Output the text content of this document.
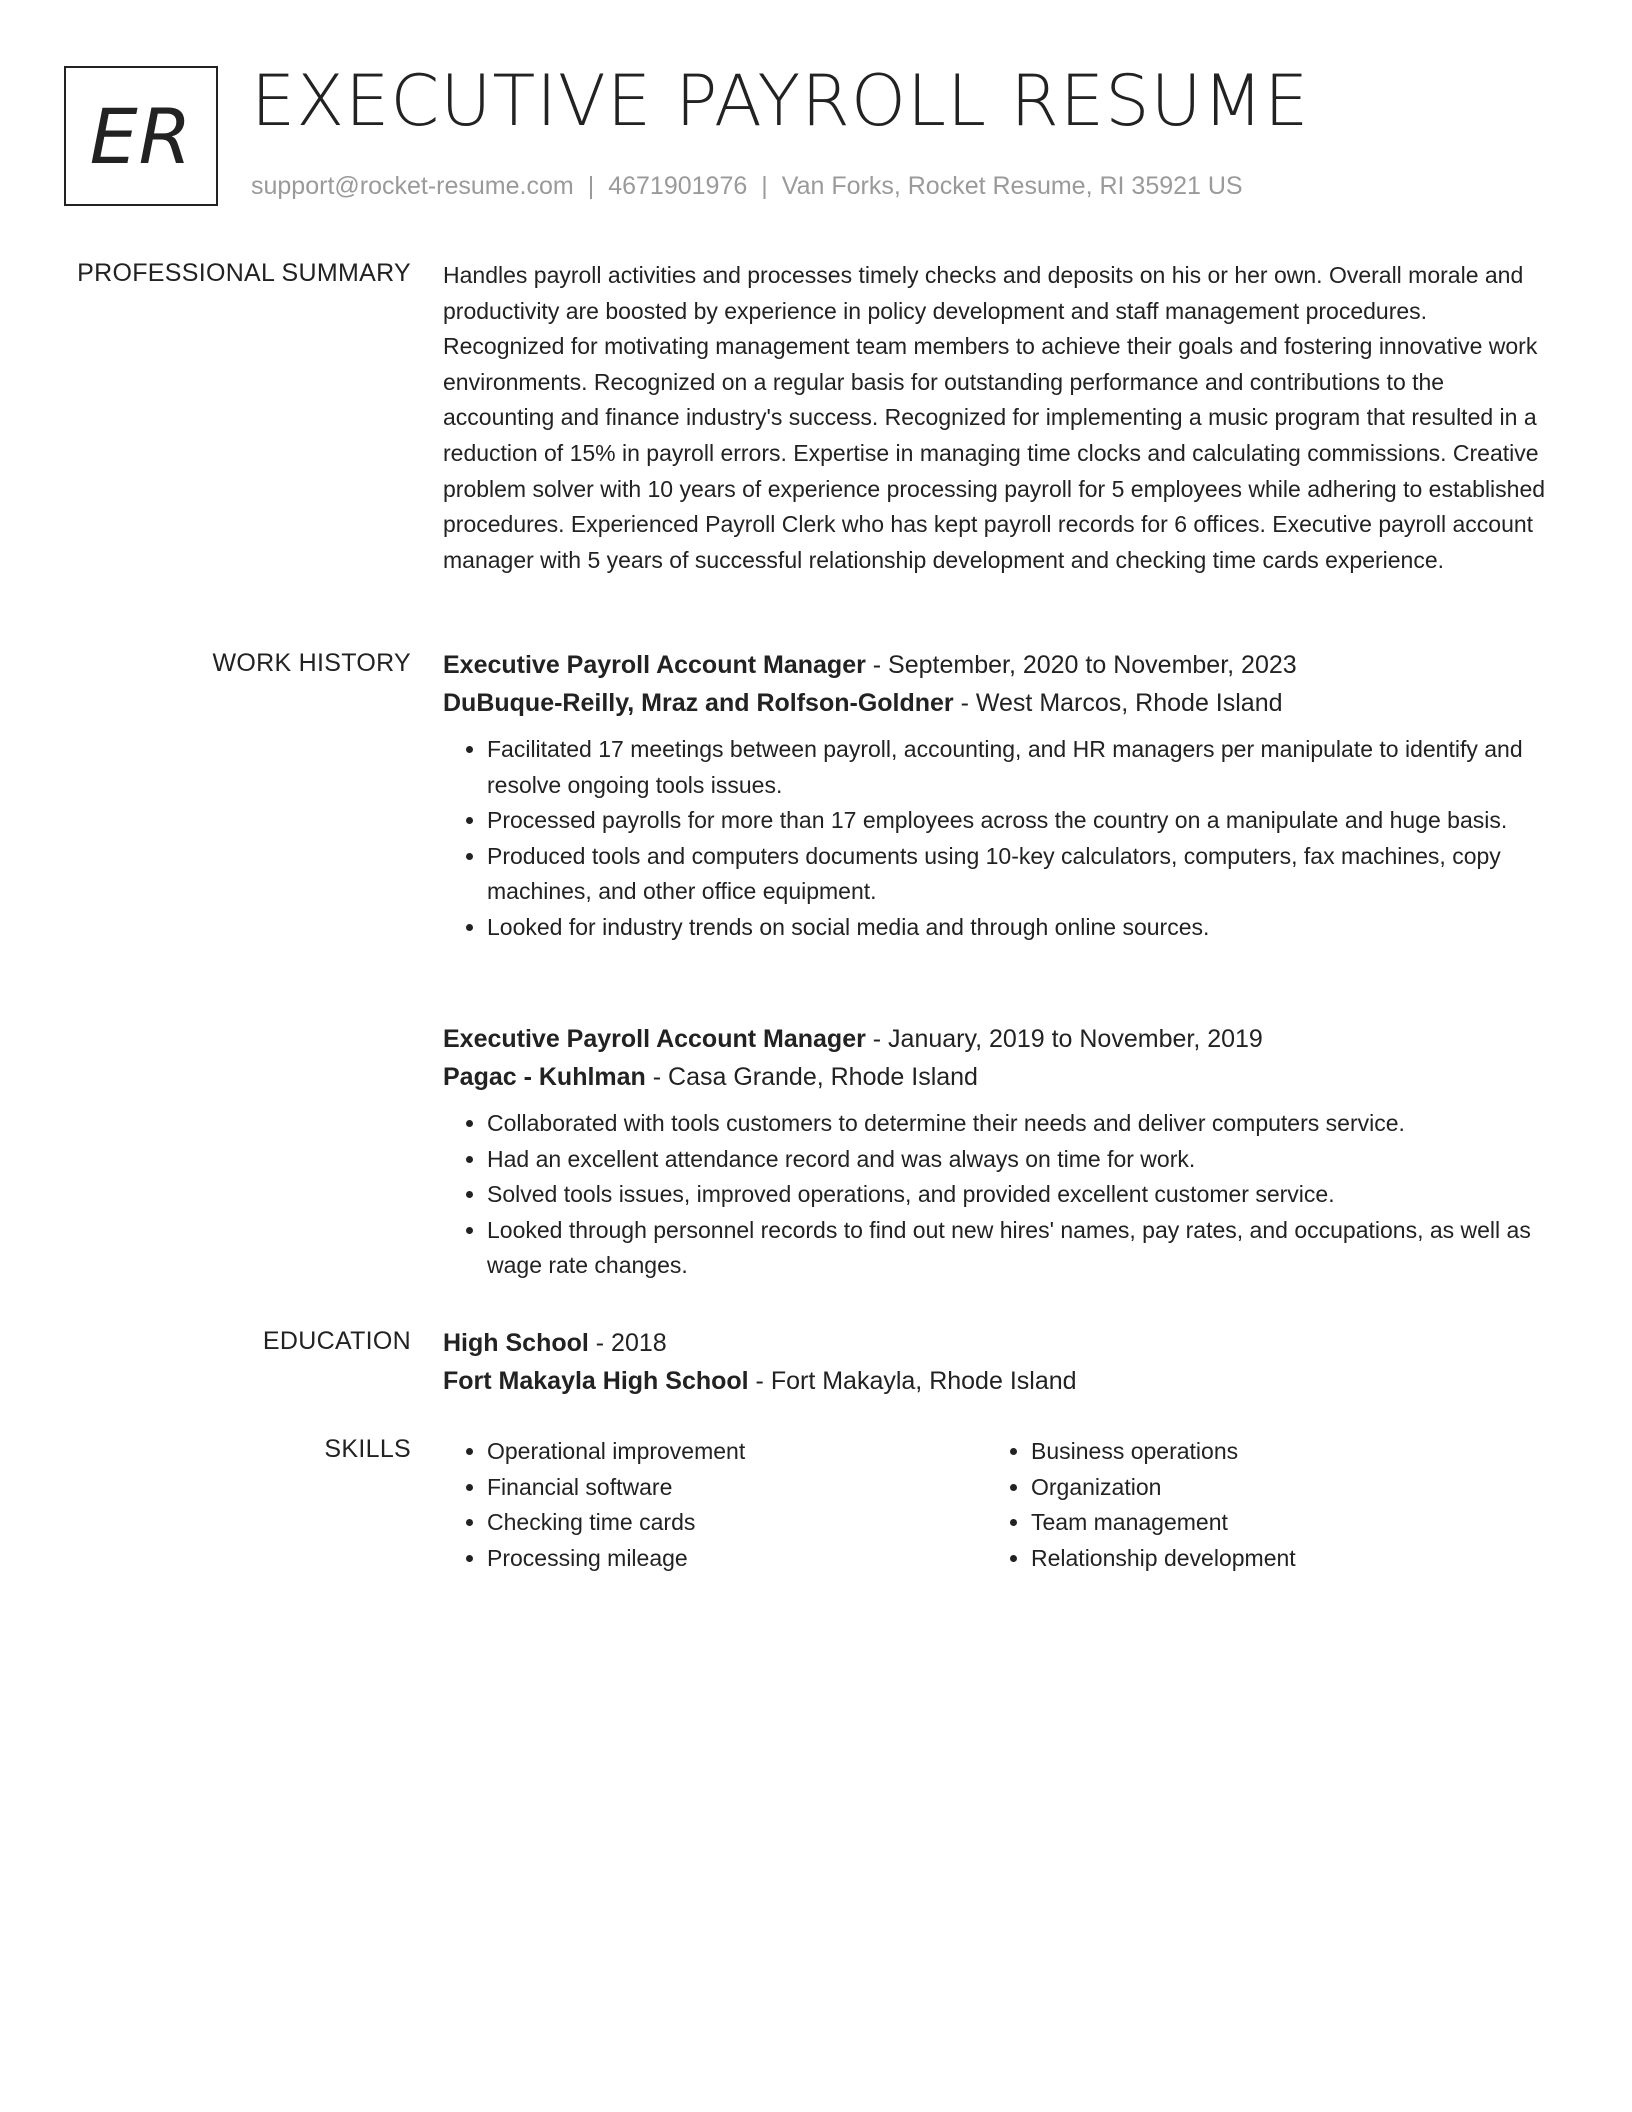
ER EXECUTIVE PAYROLL RESUME
support@rocket-resume.com | 4671901976 | Van Forks, Rocket Resume, RI 35921 US
PROFESSIONAL SUMMARY Handles payroll activities and processes timely checks and deposits on his or her own. Overall morale and productivity are boosted by experience in policy development and staff management procedures. Recognized for motivating management team members to achieve their goals and fostering innovative work environments. Recognized on a regular basis for outstanding performance and contributions to the accounting and finance industry's success. Recognized for implementing a music program that resulted in a reduction of 15% in payroll errors. Expertise in managing time clocks and calculating commissions. Creative problem solver with 10 years of experience processing payroll for 5 employees while adhering to established procedures. Experienced Payroll Clerk who has kept payroll records for 6 offices. Executive payroll account manager with 5 years of successful relationship development and checking time cards experience.

WORK HISTORY Executive Payroll Account Manager - September, 2020 to November, 2023
DuBuque-Reilly, Mraz and Rolfson-Goldner - West Marcos, Rhode Island
• Facilitated 17 meetings between payroll, accounting, and HR managers per manipulate to identify and resolve ongoing tools issues.
• Processed payrolls for more than 17 employees across the country on a manipulate and huge basis.
• Produced tools and computers documents using 10-key calculators, computers, fax machines, copy machines, and other office equipment.
• Looked for industry trends on social media and through online sources.
Executive Payroll Account Manager - January, 2019 to November, 2019
Pagac - Kuhlman - Casa Grande, Rhode Island
• Collaborated with tools customers to determine their needs and deliver computers service.
• Had an excellent attendance record and was always on time for work.
• Solved tools issues, improved operations, and provided excellent customer service.
• Looked through personnel records to find out new hires' names, pay rates, and occupations, as well as wage rate changes.
EDUCATION High School - 2018
Fort Makayla High School - Fort Makayla, Rhode Island
SKILLS
•	Operational improvement
• Financial software
• Checking time cards
• Processing mileage
• Business operations
• Organization
• Team management
• Relationship development
